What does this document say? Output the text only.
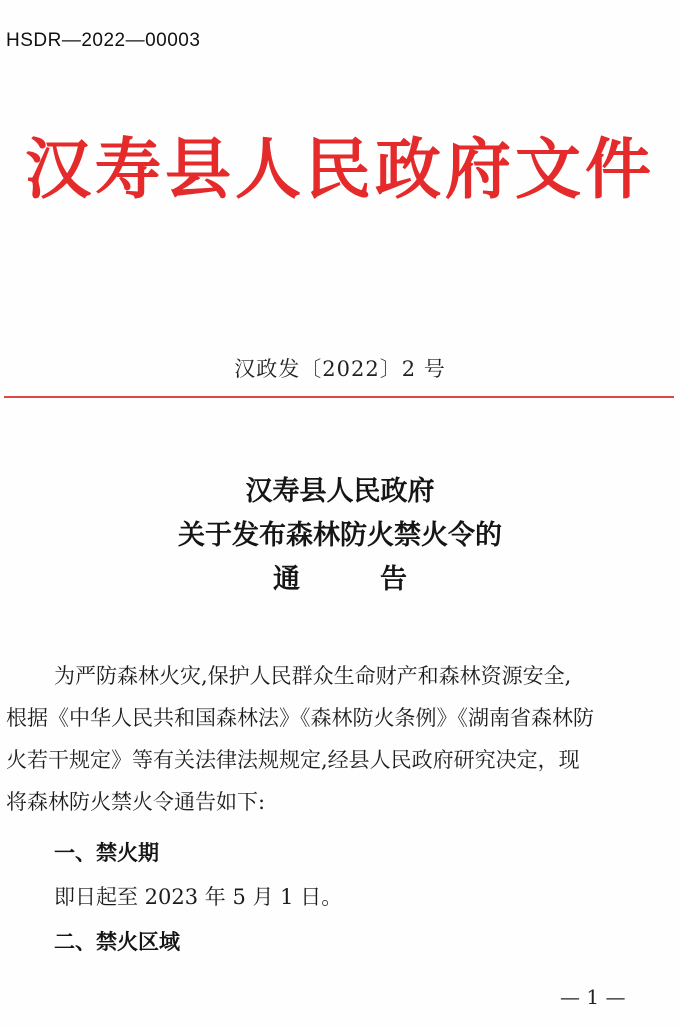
HSDR—2022—00003
汉寿县人民政府文件
汉政发〔2022〕2 号
汉寿县人民政府
关于发布森林防火禁火令的
通	告
为严防森林火灾,保护人民群众生命财产和森林资源安全,
根据《中华人民共和国森林法》《森林防火条例》《湖南省森林防
火若干规定》等有关法律法规规定,经县人民政府研究决定，现
将森林防火禁火令通告如下:
一、禁火期
即日起至 2023 年 5 月 1 日。
二、禁火区域
— 1 —
